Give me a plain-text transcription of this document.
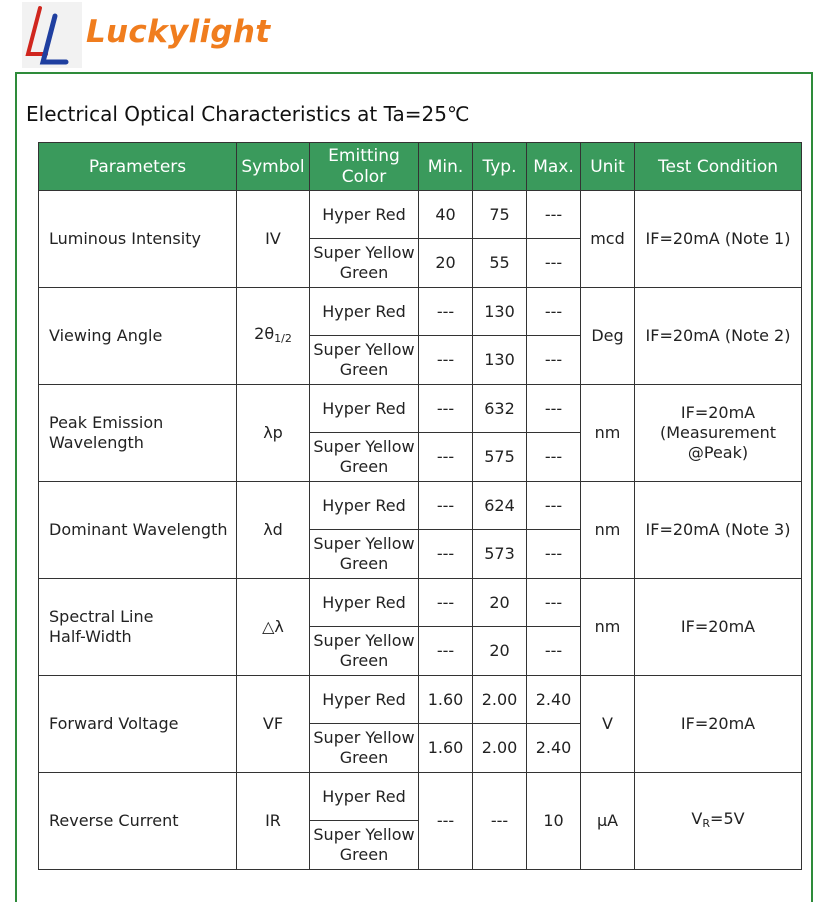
Luckylight
Electrical Optical Characteristics at Ta=25℃
Parameters	Symbol	Emitting
Color	Min.	Typ.	Max.	Unit	Test Condition

Luminous Intensity	IV	Hyper Red	40	75	---	mcd	IF=20mA (Note 1)

		Super Yellow
Green	20	55	---		

Viewing Angle	$2\theta_{1/2}$	Hyper Red	---	130	---	Deg	IF=20mA (Note 2)

		Super Yellow
Green	---	130	---		

Peak Emission
Wavelength	λp	Hyper Red	---	632	---	nm	IF=20mA
(Measurement
@Peak)

		Super Yellow
Green	---	575	---		

Dominant Wavelength	λd	Hyper Red	---	624	---	nm	IF=20mA (Note 3)

		Super Yellow
Green	---	573	---		

Spectral Line
Half-Width	△λ	Hyper Red	---	20	---	nm	IF=20mA

		Super Yellow
Green	---	20	---		

Forward Voltage	VF	Hyper Red	1.60	2.00	2.40	V	IF=20mA

		Super Yellow
Green	1.60	2.00	2.40		

Reverse Current	IR	Hyper Red	---	---	10	μA	$V_R=5V$

		Super Yellow
Green					
